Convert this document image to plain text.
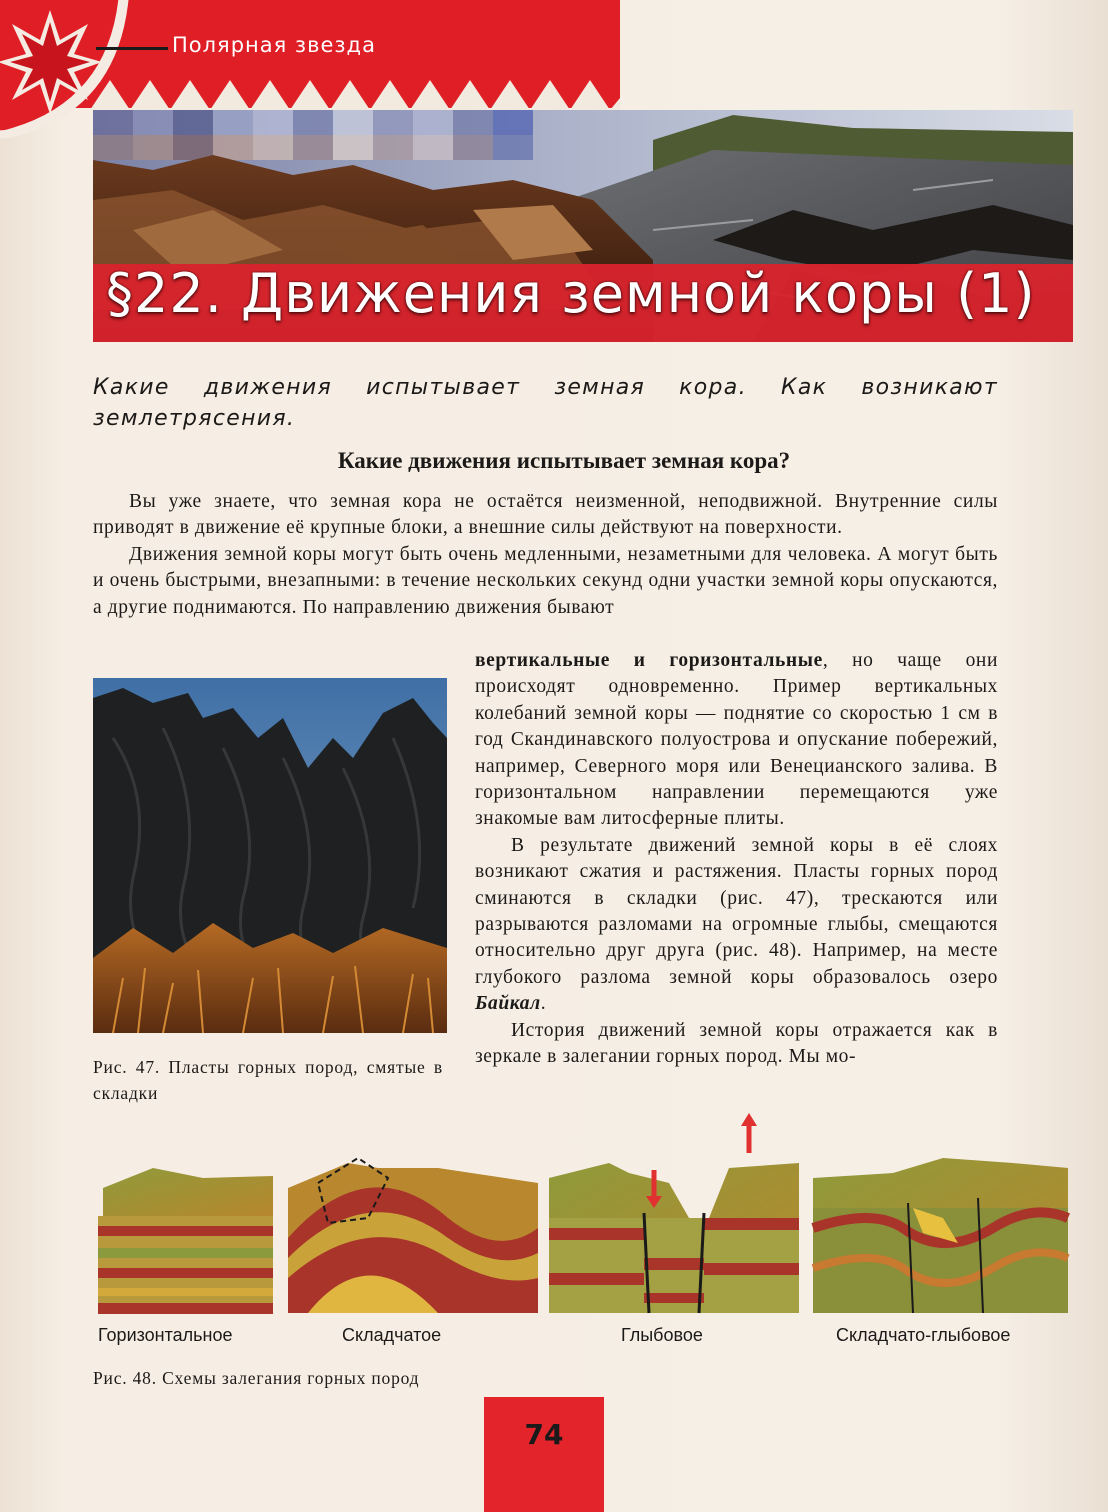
Полярная звезда
§22. Движения земной коры (1)
Какие движения испытывает земная кора. Как возникают землетрясения.
Какие движения испытывает земная кора?

Вы уже знаете, что земная кора не остаётся неизменной, неподвижной. Внутренние силы приводят в движение её крупные блоки, а внешние силы действуют на поверхности.

Движения земной коры могут быть очень медленными, незаметными для человека. А могут быть и очень быстрыми, внезапными: в течение нескольких секунд одни участки земной коры опускаются, а другие поднимаются. По направлению движения бывают

вертикальные и горизонтальные, но чаще они происходят одновременно. Пример вертикальных колебаний земной коры — поднятие со скоростью 1 см в год Скандинавского полуострова и опускание побережий, например, Северного моря или Венецианского залива. В горизонтальном направлении перемещаются уже знакомые вам литосферные плиты.

В результате движений земной коры в её слоях возникают сжатия и растяжения. Пласты горных пород сминаются в складки (рис. 47), трескаются или разрываются разломами на огромные глыбы, смещаются относительно друг друга (рис. 48). Например, на месте глубокого разлома земной коры образовалось озеро Байкал.

История движений земной коры отражается как в зеркале в залегании горных пород. Мы мо-

Рис. 47. Пласты горных пород, смятые в складки
Горизонтальное	Складчатое	Глыбовое	Складчато-глыбовое
Рис. 48. Схемы залегания горных пород
74
